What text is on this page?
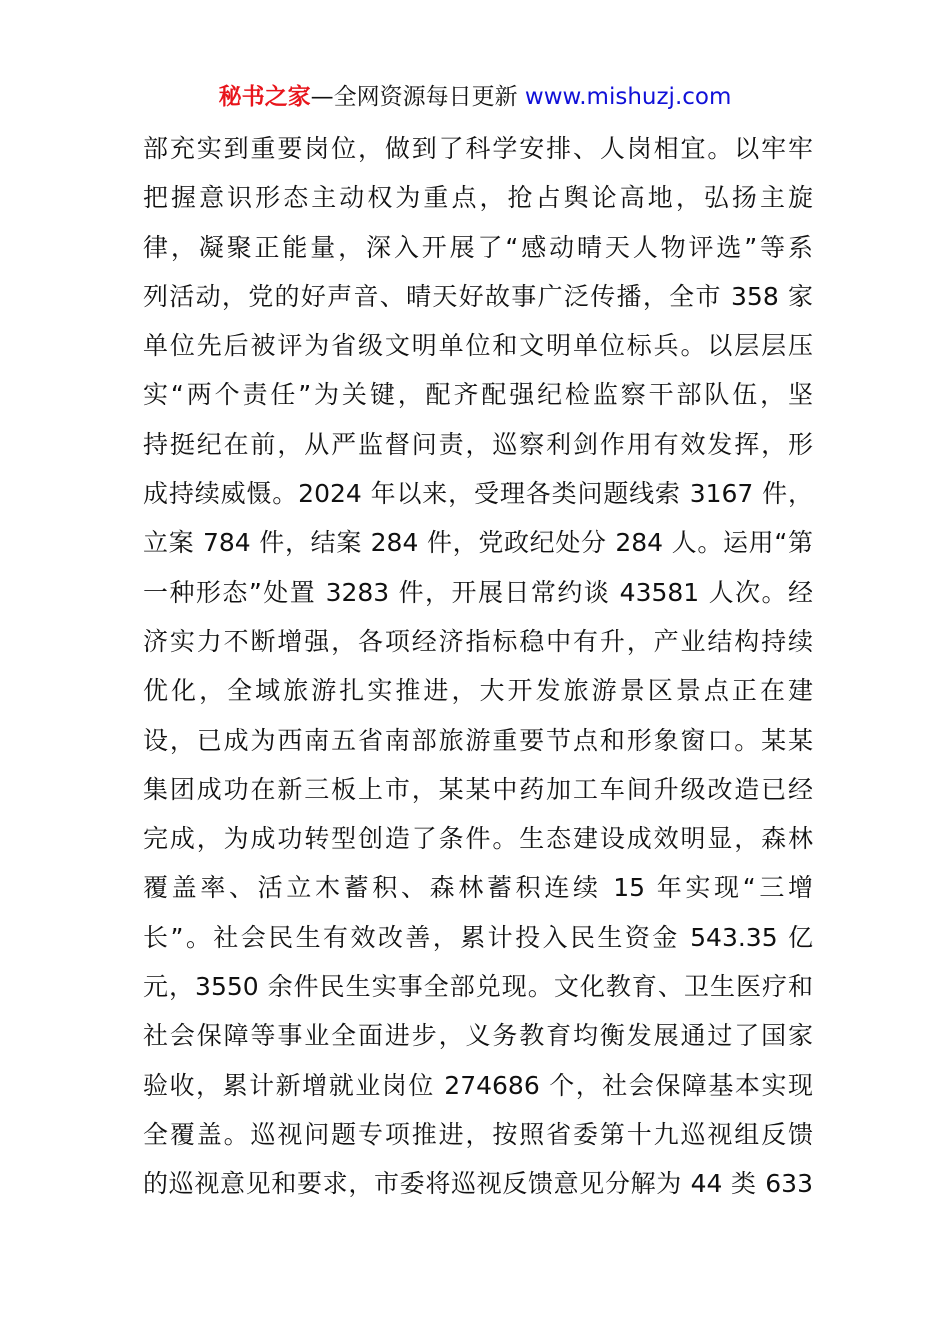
秘书之家—全网资源每日更新 www.mishuzj.com
部充实到重要岗位，做到了科学安排、人岗相宜。以牢牢
把握意识形态主动权为重点，抢占舆论高地，弘扬主旋
律，凝聚正能量，深入开展了“感动晴天人物评选”等系
列活动，党的好声音、晴天好故事广泛传播，全市 358 家
单位先后被评为省级文明单位和文明单位标兵。以层层压
实“两个责任”为关键，配齐配强纪检监察干部队伍，坚
持挺纪在前，从严监督问责，巡察利剑作用有效发挥，形
成持续威慑。2024 年以来，受理各类问题线索 3167 件，
立案 784 件，结案 284 件，党政纪处分 284 人。运用“第
一种形态”处置 3283 件，开展日常约谈 43581 人次。经
济实力不断增强，各项经济指标稳中有升，产业结构持续
优化，全域旅游扎实推进，大开发旅游景区景点正在建
设，已成为西南五省南部旅游重要节点和形象窗口。某某
集团成功在新三板上市，某某中药加工车间升级改造已经
完成，为成功转型创造了条件。生态建设成效明显，森林
覆盖率、活立木蓄积、森林蓄积连续 15 年实现“三增
长”。社会民生有效改善，累计投入民生资金 543.35 亿
元，3550 余件民生实事全部兑现。文化教育、卫生医疗和
社会保障等事业全面进步，义务教育均衡发展通过了国家
验收，累计新增就业岗位 274686 个，社会保障基本实现
全覆盖。巡视问题专项推进，按照省委第十九巡视组反馈
的巡视意见和要求，市委将巡视反馈意见分解为 44 类 633
